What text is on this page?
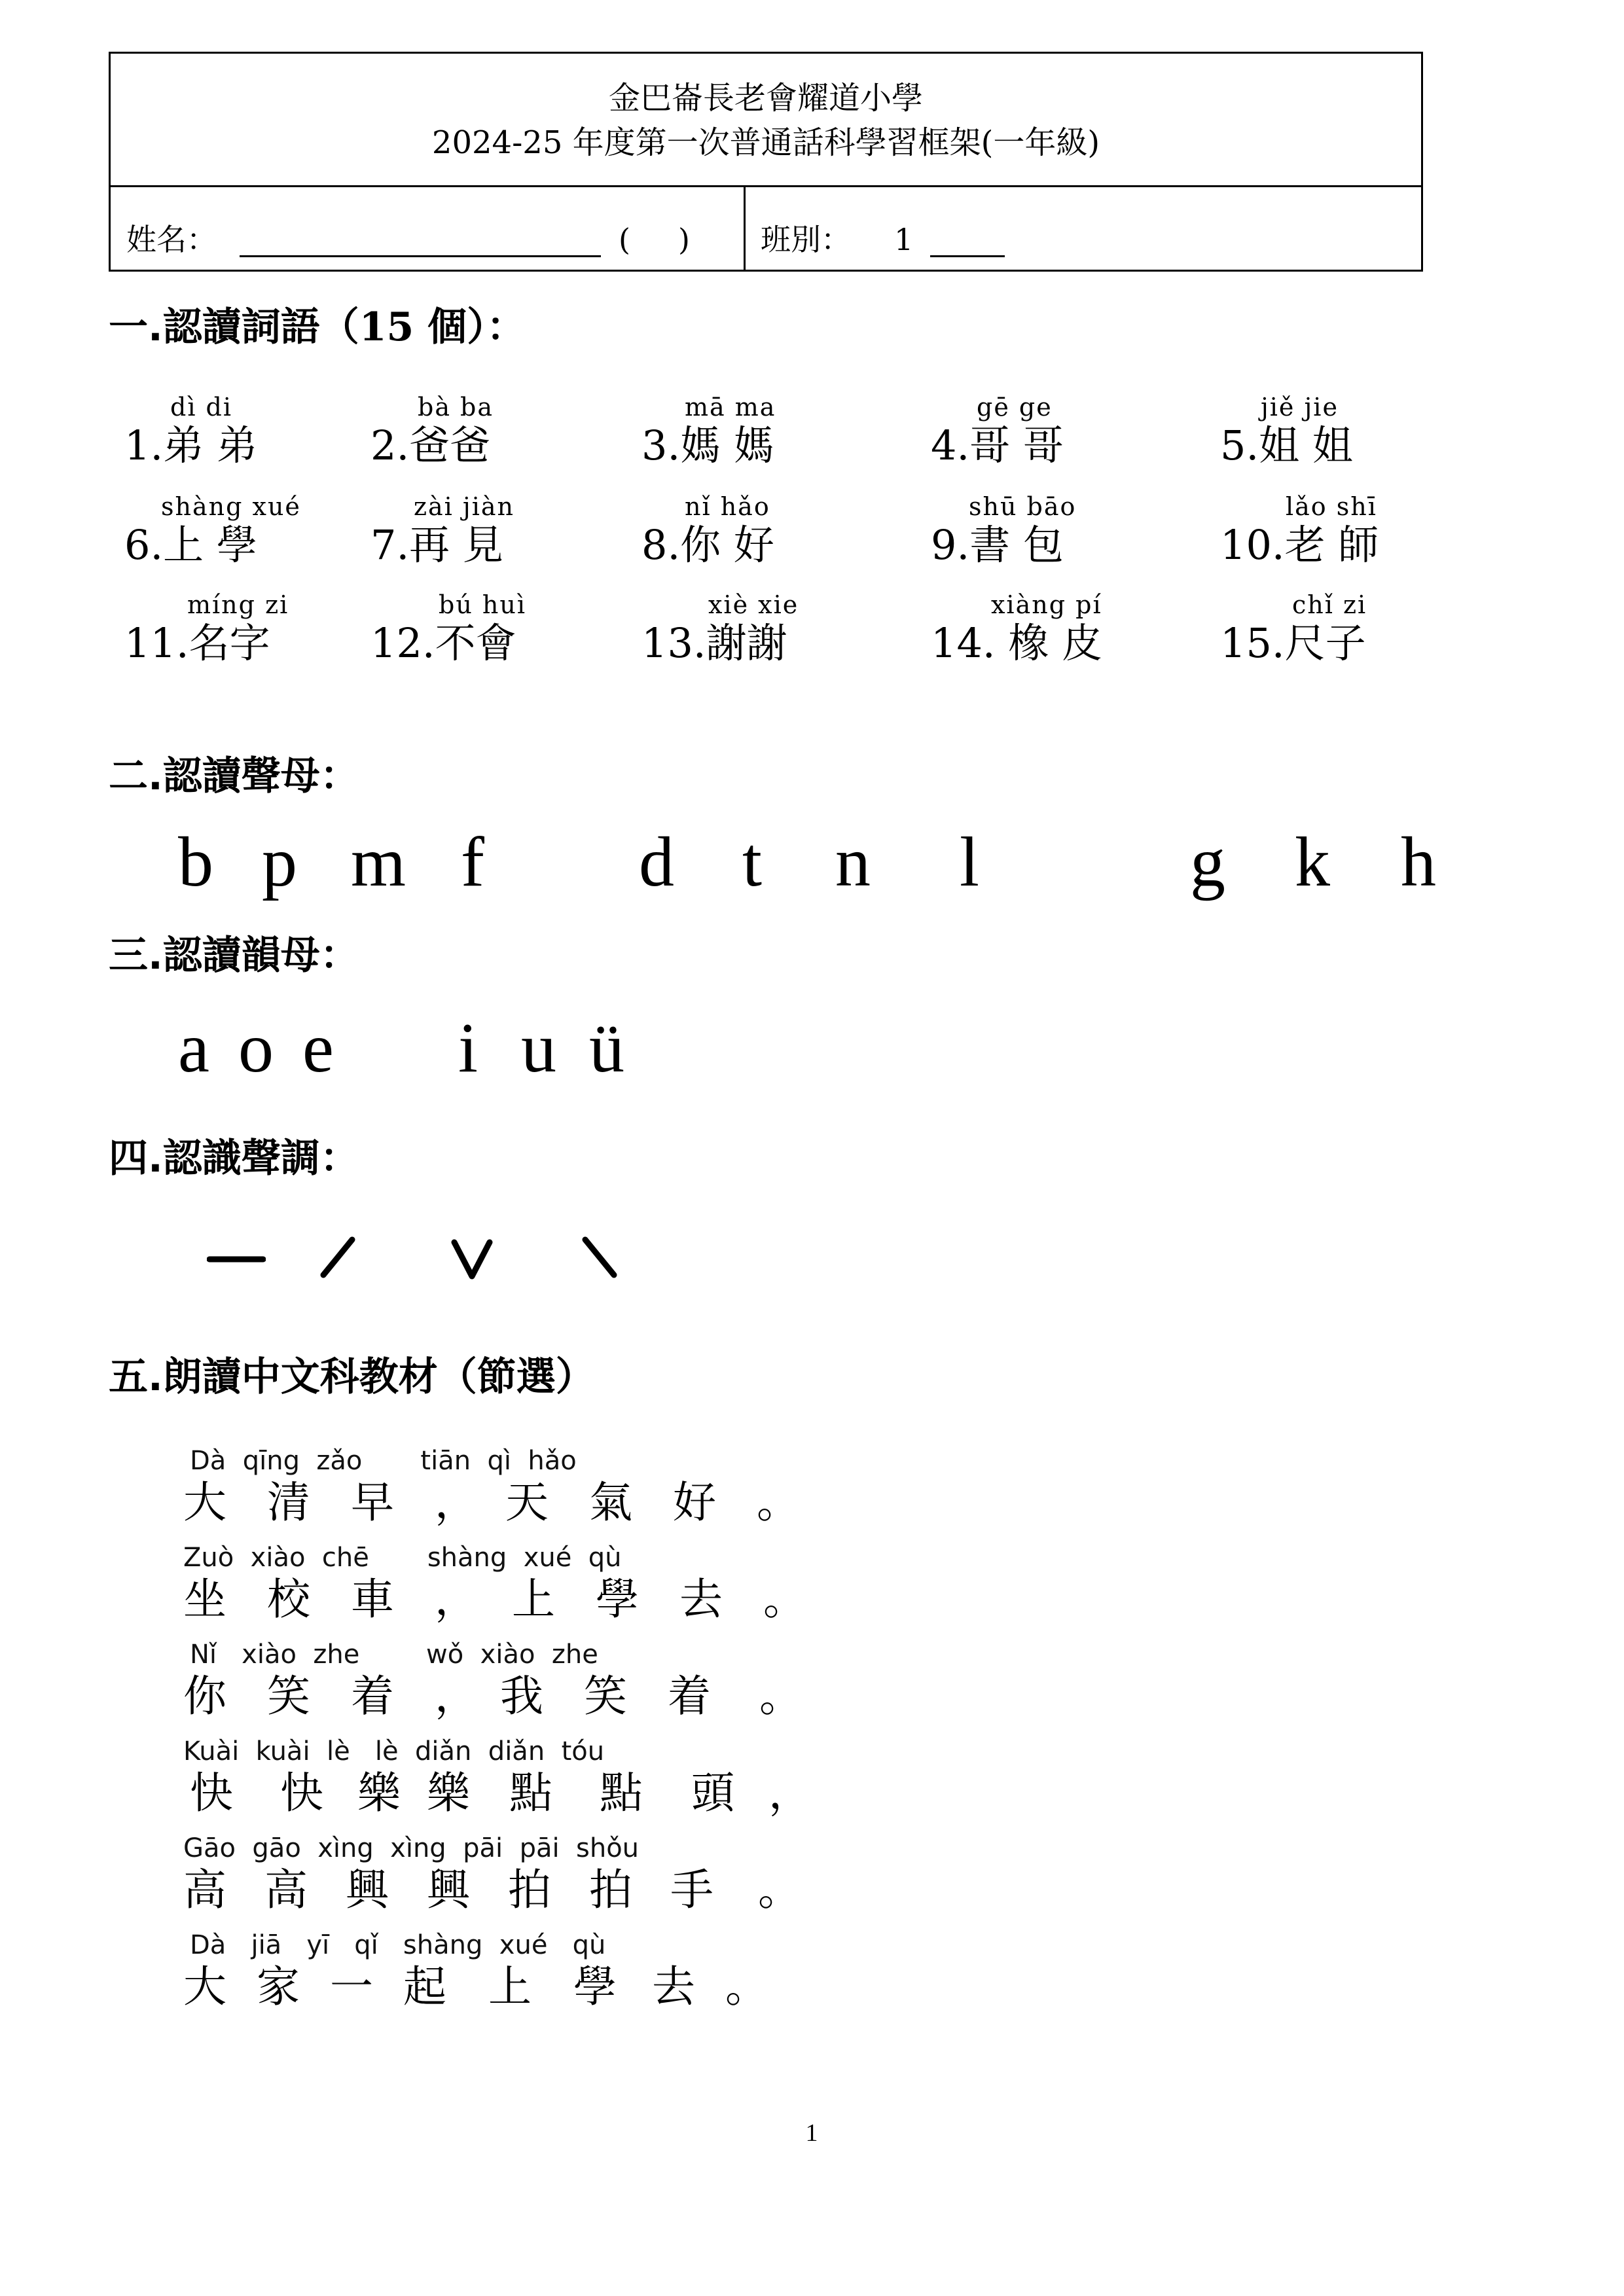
金巴崙長老會耀道小學
2024-25 年度第一次普通話科學習框架(一年級)
姓名：	(     ) 班別： 1
一.認讀詞語（15 個）：
dì di
1.弟 弟
bà ba
2.爸爸
mā ma
3.媽 媽
gē ge
4.哥 哥
jiě jie
5.姐 姐
shàng xué
6.上 學
zài jiàn
7.再 見
nǐ hǎo
8.你 好
shū bāo
9.書 包
lǎo shī
10.老 師
míng zi
11.名字
bú huì
12.不會
xiè xie
13.謝謝
xiàng pí
14. 橡 皮
chǐ zi
15.尺子
二.認讀聲母：
b p m f d t n l	g k h
三.認讀韻母：
a o e i u ü
四.認識聲調：
五.朗讀中文科教材（節選）
Dà  qīng  zǎo       tiān  qì  hǎo
大 清 早 ， 天 氣 好 。
Zuò  xiào  chē       shàng  xué  qù
坐 校 車 ， 上 學 去 。
Nǐ   xiào  zhe        wǒ  xiào  zhe
你 笑 着 ， 我 笑 着 。
Kuài  kuài  lè   lè  diǎn  diǎn  tóu
快 快 樂 樂 點 點 頭 ，
Gāo  gāo  xìng  xìng  pāi  pāi  shǒu
高 高 興 興 拍 拍 手 。
Dà   jiā   yī   qǐ   shàng  xué   qù
大 家 一 起 上 學 去 。
1
